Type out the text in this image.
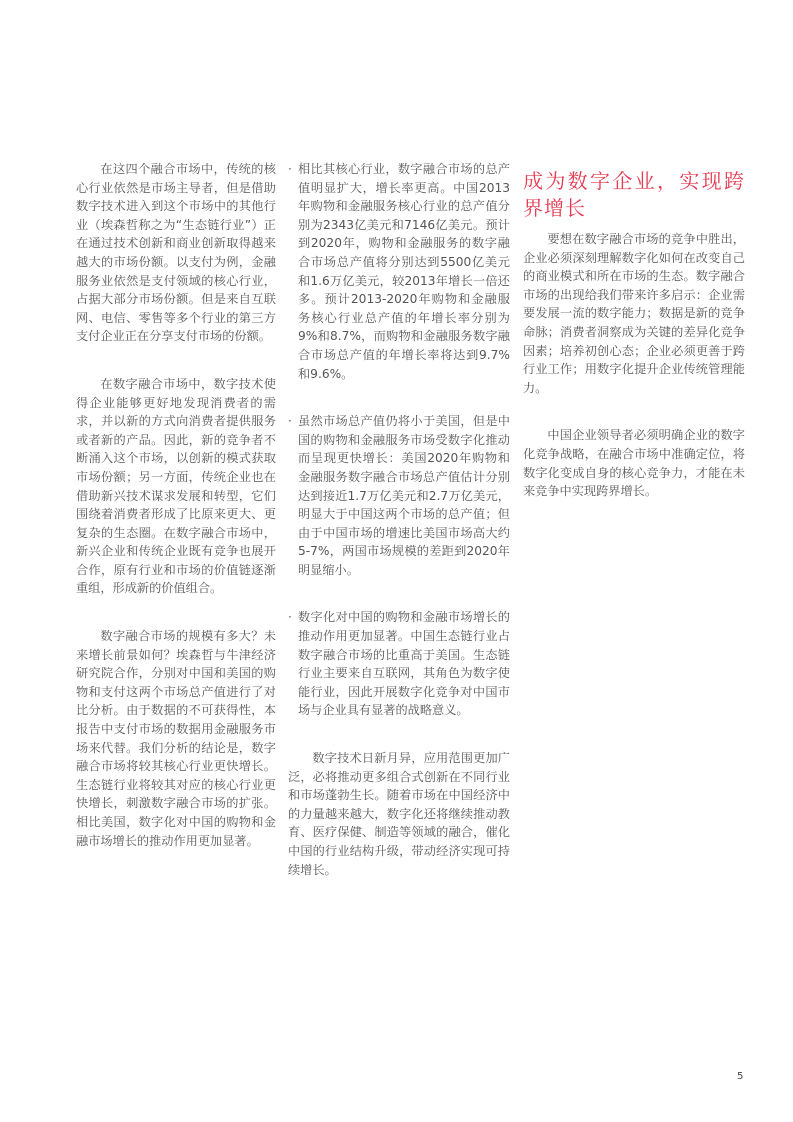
在这四个融合市场中，传统的核心行业依然是市场主导者，但是借助数字技术进入到这个市场中的其他行业（埃森哲称之为“生态链行业”）正在通过技术创新和商业创新取得越来越大的市场份额。以支付为例，金融服务业依然是支付领域的核心行业，占据大部分市场份额。但是来自互联网、电信、零售等多个行业的第三方支付企业正在分享支付市场的份额。

在数字融合市场中，数字技术使得企业能够更好地发现消费者的需求，并以新的方式向消费者提供服务或者新的产品。因此，新的竞争者不断涌入这个市场，以创新的模式获取市场份额；另一方面，传统企业也在借助新兴技术谋求发展和转型，它们围绕着消费者形成了比原来更大、更复杂的生态圈。在数字融合市场中，新兴企业和传统企业既有竞争也展开合作，原有行业和市场的价值链逐渐重组，形成新的价值组合。

数字融合市场的规模有多大？未来增长前景如何？埃森哲与牛津经济研究院合作，分别对中国和美国的购物和支付这两个市场总产值进行了对比分析。由于数据的不可获得性，本报告中支付市场的数据用金融服务市场来代替。我们分析的结论是，数字融合市场将较其核心行业更快增长。生态链行业将较其对应的核心行业更快增长，刺激数字融合市场的扩张。相比美国，数字化对中国的购物和金融市场增长的推动作用更加显著。

· 相比其核心行业，数字融合市场的总产值明显扩大，增长率更高。中国2013年购物和金融服务核心行业的总产值分别为2343亿美元和7146亿美元。预计到2020年，购物和金融服务的数字融合市场总产值将分别达到5500亿美元和1.6万亿美元，较2013年增长一倍还多。预计2013-2020年购物和金融服务核心行业总产值的年增长率分别为9%和8.7%，而购物和金融服务数字融合市场总产值的年增长率将达到9.7%和9.6%。
· 虽然市场总产值仍将小于美国，但是中国的购物和金融服务市场受数字化推动而呈现更快增长：美国2020年购物和金融服务数字融合市场总产值估计分别达到接近1.7万亿美元和2.7万亿美元，明显大于中国这两个市场的总产值；但由于中国市场的增速比美国市场高大约5-7%，两国市场规模的差距到2020年明显缩小。
· 数字化对中国的购物和金融市场增长的推动作用更加显著。中国生态链行业占数字融合市场的比重高于美国。生态链行业主要来自互联网，其角色为数字使能行业，因此开展数字化竞争对中国市场与企业具有显著的战略意义。

数字技术日新月异，应用范围更加广泛，必将推动更多组合式创新在不同行业和市场蓬勃生长。随着市场在中国经济中的力量越来越大，数字化还将继续推动教育、医疗保健、制造等领域的融合，催化中国的行业结构升级，带动经济实现可持续增长。

成为数字企业，实现跨界增长

要想在数字融合市场的竞争中胜出，企业必须深刻理解数字化如何在改变自己的商业模式和所在市场的生态。数字融合市场的出现给我们带来许多启示：企业需要发展一流的数字能力；数据是新的竞争命脉；消费者洞察成为关键的差异化竞争因素；培养初创心态；企业必须更善于跨行业工作；用数字化提升企业传统管理能力。

中国企业领导者必须明确企业的数字化竞争战略，在融合市场中准确定位，将数字化变成自身的核心竞争力，才能在未来竞争中实现跨界增长。

5
